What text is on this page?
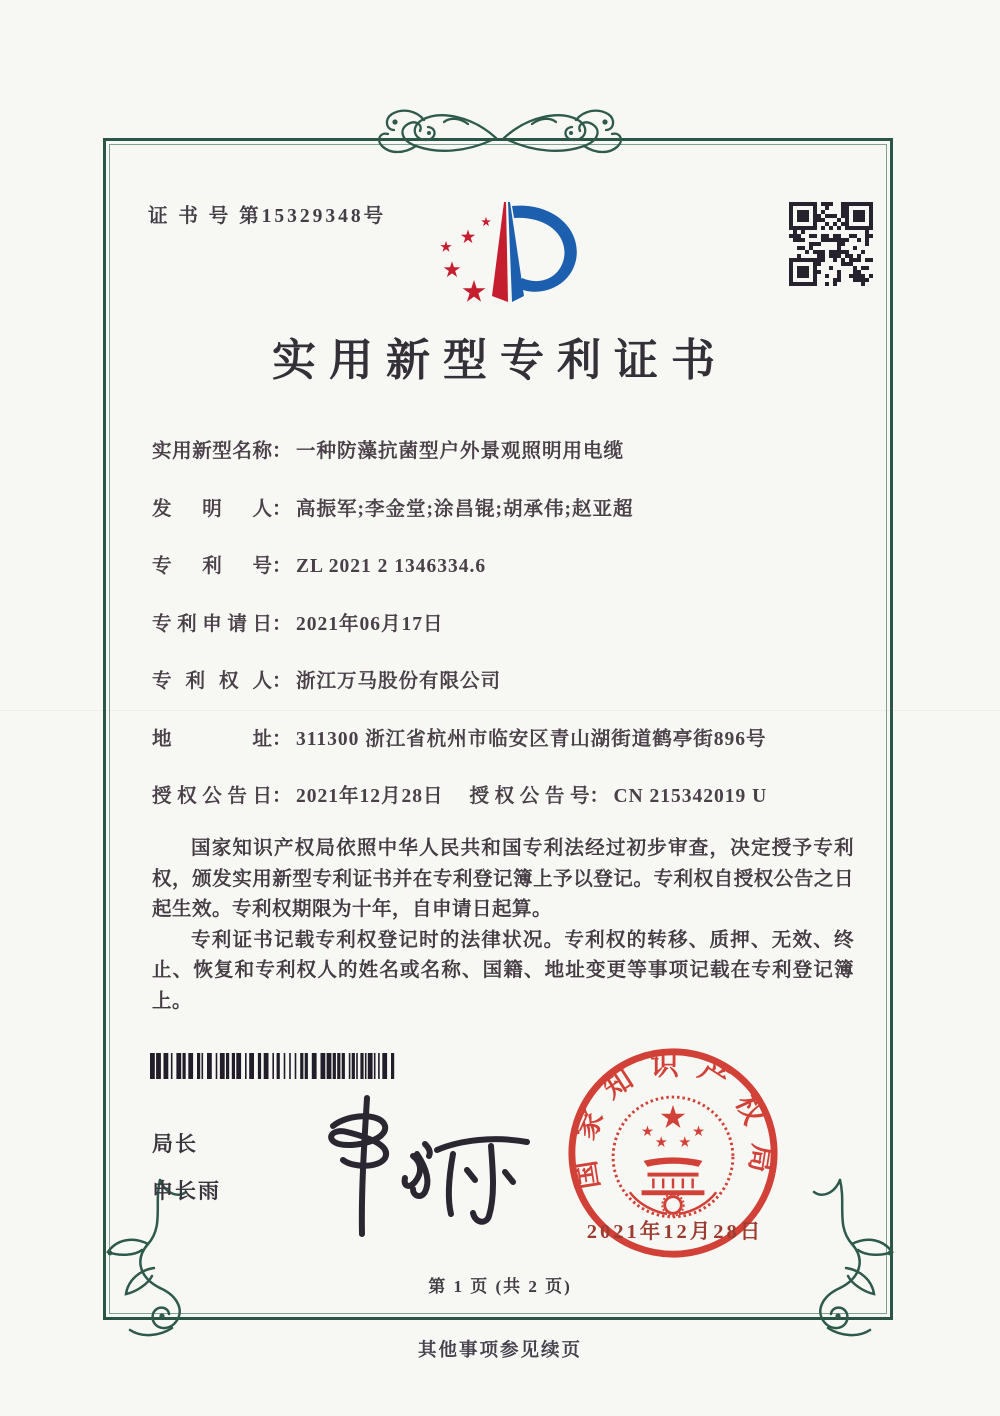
证 书 号 第15329348号
实用新型专利证书
实用新型名称： 一种防藻抗菌型户外景观照明用电缆
发明人： 高振军;李金堂;涂昌锟;胡承伟;赵亚超
专利号： ZL 2021 2 1346334.6
专利申请日： 2021年06月17日
专利权人： 浙江万马股份有限公司
地址： 311300 浙江省杭州市临安区青山湖街道鹤亭街896号
授权公告日： 2021年12月28日 授权公告号： CN 215342019 U

国家知识产权局依照中华人民共和国专利法经过初步审查，决定授予专利权，颁发实用新型专利证书并在专利登记簿上予以登记。专利权自授权公告之日起生效。专利权期限为十年，自申请日起算。

专利证书记载专利权登记时的法律状况。专利权的转移、质押、无效、终止、恢复和专利权人的姓名或名称、国籍、地址变更等事项记载在专利登记簿上。

局长
申长雨
国家知识产权局
2021年12月28日
第 1 页 (共 2 页)
其他事项参见续页
